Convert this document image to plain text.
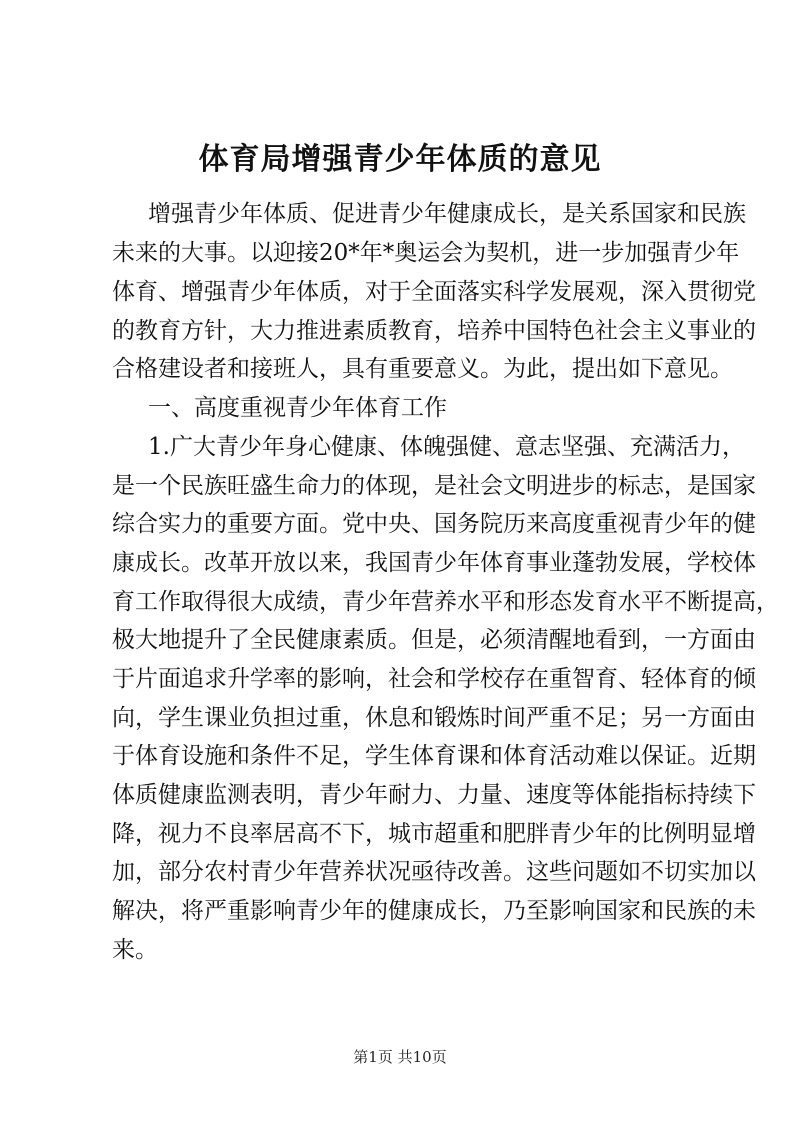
体育局增强青少年体质的意见
增强青少年体质、促进青少年健康成长，是关系国家和民族
未来的大事。以迎接20*年*奥运会为契机，进一步加强青少年
体育、增强青少年体质，对于全面落实科学发展观，深入贯彻党
的教育方针，大力推进素质教育，培养中国特色社会主义事业的
合格建设者和接班人，具有重要意义。为此，提出如下意见。
一、高度重视青少年体育工作
1.广大青少年身心健康、体魄强健、意志坚强、充满活力，
是一个民族旺盛生命力的体现，是社会文明进步的标志，是国家
综合实力的重要方面。党中央、国务院历来高度重视青少年的健
康成长。改革开放以来，我国青少年体育事业蓬勃发展，学校体
育工作取得很大成绩，青少年营养水平和形态发育水平不断提高，
极大地提升了全民健康素质。但是，必须清醒地看到，一方面由
于片面追求升学率的影响，社会和学校存在重智育、轻体育的倾
向，学生课业负担过重，休息和锻炼时间严重不足；另一方面由
于体育设施和条件不足，学生体育课和体育活动难以保证。近期
体质健康监测表明，青少年耐力、力量、速度等体能指标持续下
降，视力不良率居高不下，城市超重和肥胖青少年的比例明显增
加，部分农村青少年营养状况亟待改善。这些问题如不切实加以
解决，将严重影响青少年的健康成长，乃至影响国家和民族的未
来。
第1页 共10页
